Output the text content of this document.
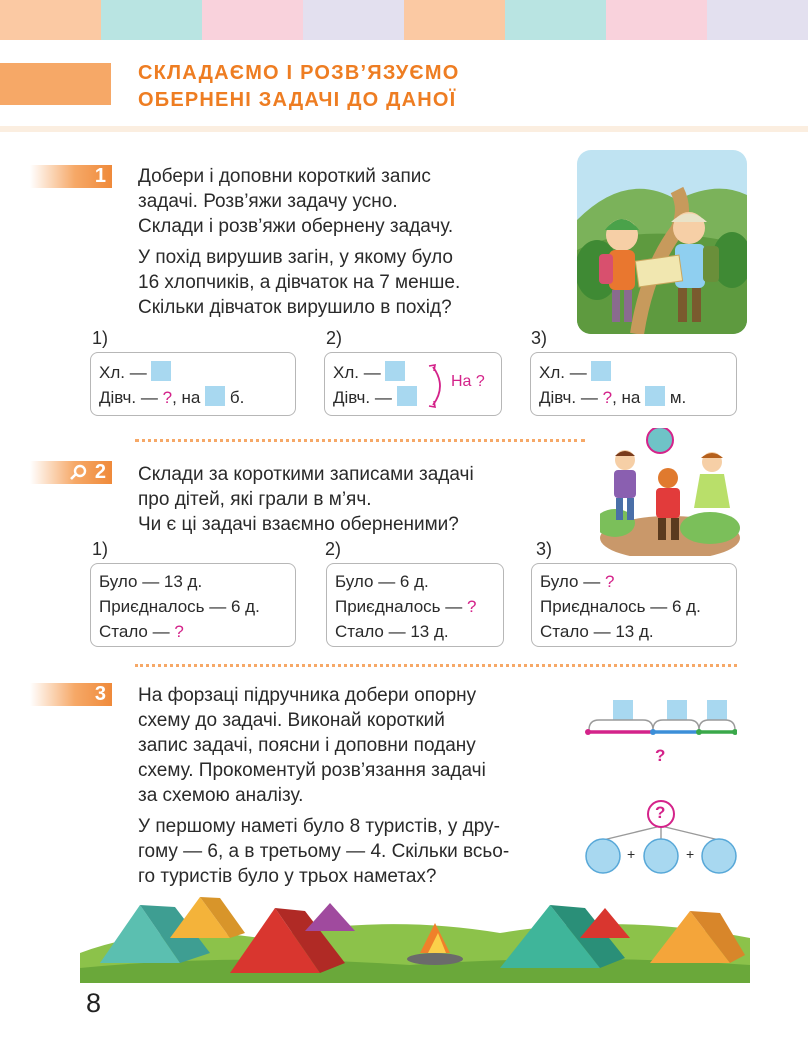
СКЛАДАЄМО І РОЗВ’ЯЗУЄМО
ОБЕРНЕНІ ЗАДАЧІ ДО ДАНОЇ
1	Добери і доповни короткий запис
задачі. Розв’яжи задачу усно.
Склади і розв’яжи обернену задачу.
У похід вирушив загін, у якому було
16 хлопчиків, а дівчаток на 7 менше.
Скільки дівчаток вирушило в похід?
1)	2)	3)
Хл. —
Дівч. — ?, на б.
Хл. —
Дівч. —
На ?	Хл. —
Дівч. — ?, на м.
2	Склади за короткими записами задачі
про дітей, які грали в м’яч.
Чи є ці задачі взаємно оберненими?
1)	2)	3)
Було — 13 д.
Приєдналось — 6 д.
Стало — ?
Було — 6 д.
Приєдналось — ?
Стало — 13 д.
Було — ?
Приєдналось — 6 д.
Стало — 13 д.
3	На форзаці підручника добери опорну
схему до задачі. Виконай короткий
запис задачі, поясни і доповни подану
схему. Прокоментуй розв’язання задачі
за схемою аналізу.
У першому наметі було 8 туристів, у дру-
гому — 6, а в третьому — 4. Скільки всьо-
го туристів було у трьох наметах?
?
?
+	+
8
